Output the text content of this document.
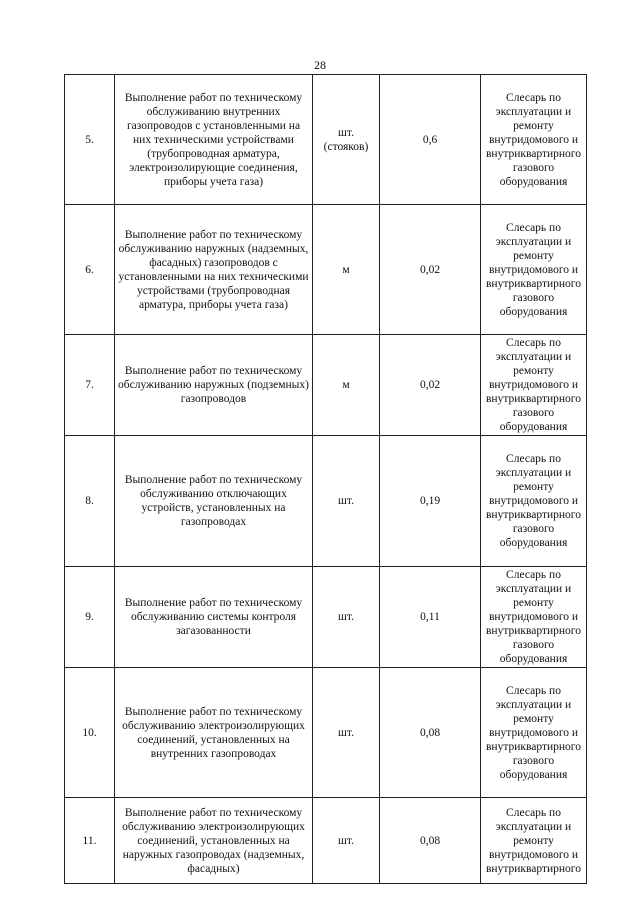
28
5.	Выполнение работ по техническому обслуживанию внутренних газопроводов с установленными на них техническими устройствами (трубопроводная арматура, электроизолирующие соединения, приборы учета газа)	шт. (стояков)	0,6	Слесарь по эксплуатации и ремонту внутридомового и внутриквартирного газового оборудования
6.	Выполнение работ по техническому обслуживанию наружных (надземных, фасадных) газопроводов с установленными на них техническими устройствами (трубопроводная арматура, приборы учета газа)	м	0,02	Слесарь по эксплуатации и ремонту внутридомового и внутриквартирного газового оборудования
7.	Выполнение работ по техническому обслуживанию наружных (подземных) газопроводов	м	0,02	Слесарь по эксплуатации и ремонту внутридомового и внутриквартирного газового оборудования
8.	Выполнение работ по техническому обслуживанию отключающих устройств, установленных на газопроводах	шт.	0,19	Слесарь по эксплуатации и ремонту внутридомового и внутриквартирного газового оборудования
9.	Выполнение работ по техническому обслуживанию системы контроля загазованности	шт.	0,11	Слесарь по эксплуатации и ремонту внутридомового и внутриквартирного газового оборудования
10.	Выполнение работ по техническому обслуживанию электроизолирующих соединений, установленных на внутренних газопроводах	шт.	0,08	Слесарь по эксплуатации и ремонту внутридомового и внутриквартирного газового оборудования
11.	Выполнение работ по техническому обслуживанию электроизолирующих соединений, установленных на наружных газопроводах (надземных, фасадных)	шт.	0,08	Слесарь по эксплуатации и ремонту внутридомового и внутриквартирного
